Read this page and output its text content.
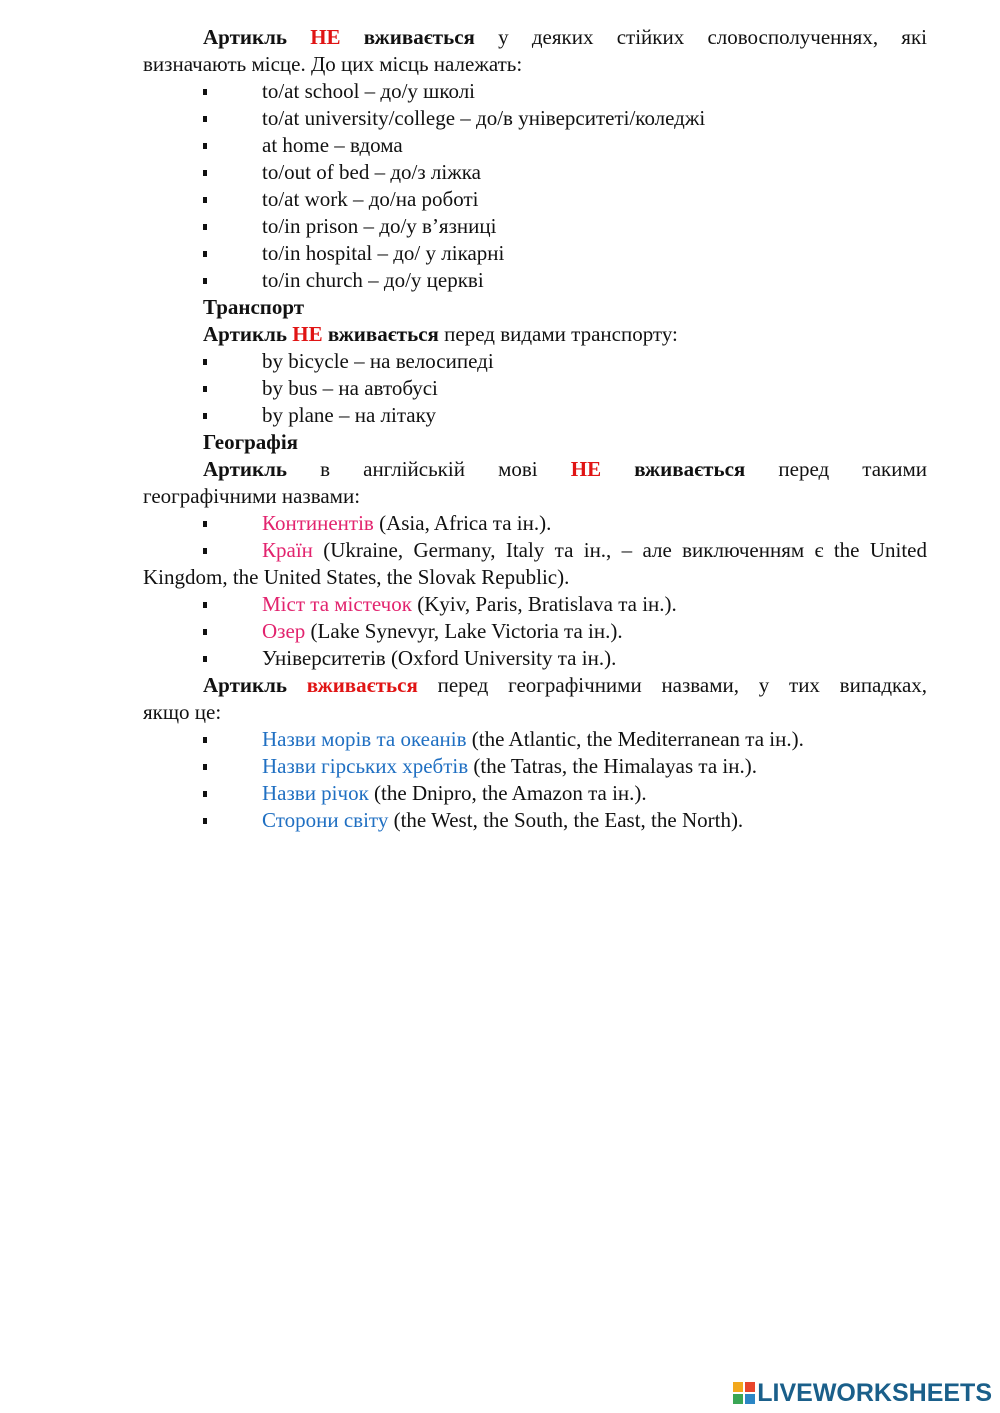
Артикль НЕ вживається у деяких стійких словосполученнях, які
визначають місце. До цих місць належать:
to/at school – до/у школі
to/at university/college – до/в університеті/коледжі
at home – вдома
to/out of bed – до/з ліжка
to/at work – до/на роботі
to/in prison – до/у в’язниці
to/in hospital – до/ у лікарні
to/in church – до/у церкві
Транспорт
Артикль НЕ вживається перед видами транспорту:
by bicycle – на велосипеді
by bus – на автобусі
by plane – на літаку
Географія
Артикль в англійській мові НЕ вживається перед такими
географічними назвами:
Континентів (Asia, Africa та ін.).
Країн (Ukraine, Germany, Italy та ін., – але виключенням є the United Kingdom, the United States, the Slovak Republic).
Міст та містечок (Kyiv, Paris, Bratislava та ін.).
Озер (Lake Synevyr, Lake Victoria та ін.).
Університетів (Oxford University та ін.).
Артикль вживається перед географічними назвами, у тих випадках,
якщо це:
Назви морів та океанів (the Atlantic, the Mediterranean та ін.).
Назви гірських хребтів (the Tatras, the Himalayas та ін.).
Назви річок (the Dnipro, the Amazon та ін.).
Сторони світу (the West, the South, the East, the North).
LIVEWORKSHEETS
